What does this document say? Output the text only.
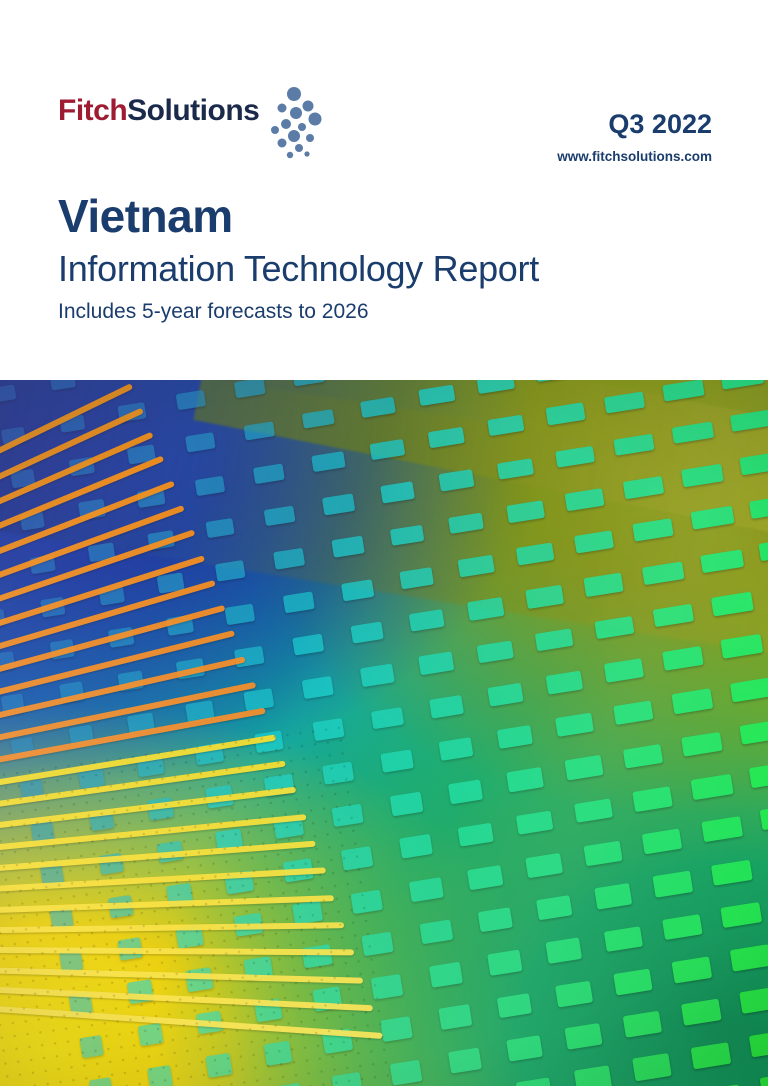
FitchSolutions	Q3 2022
www.fitchsolutions.com
Vietnam
Information Technology Report
Includes 5-year forecasts to 2026
